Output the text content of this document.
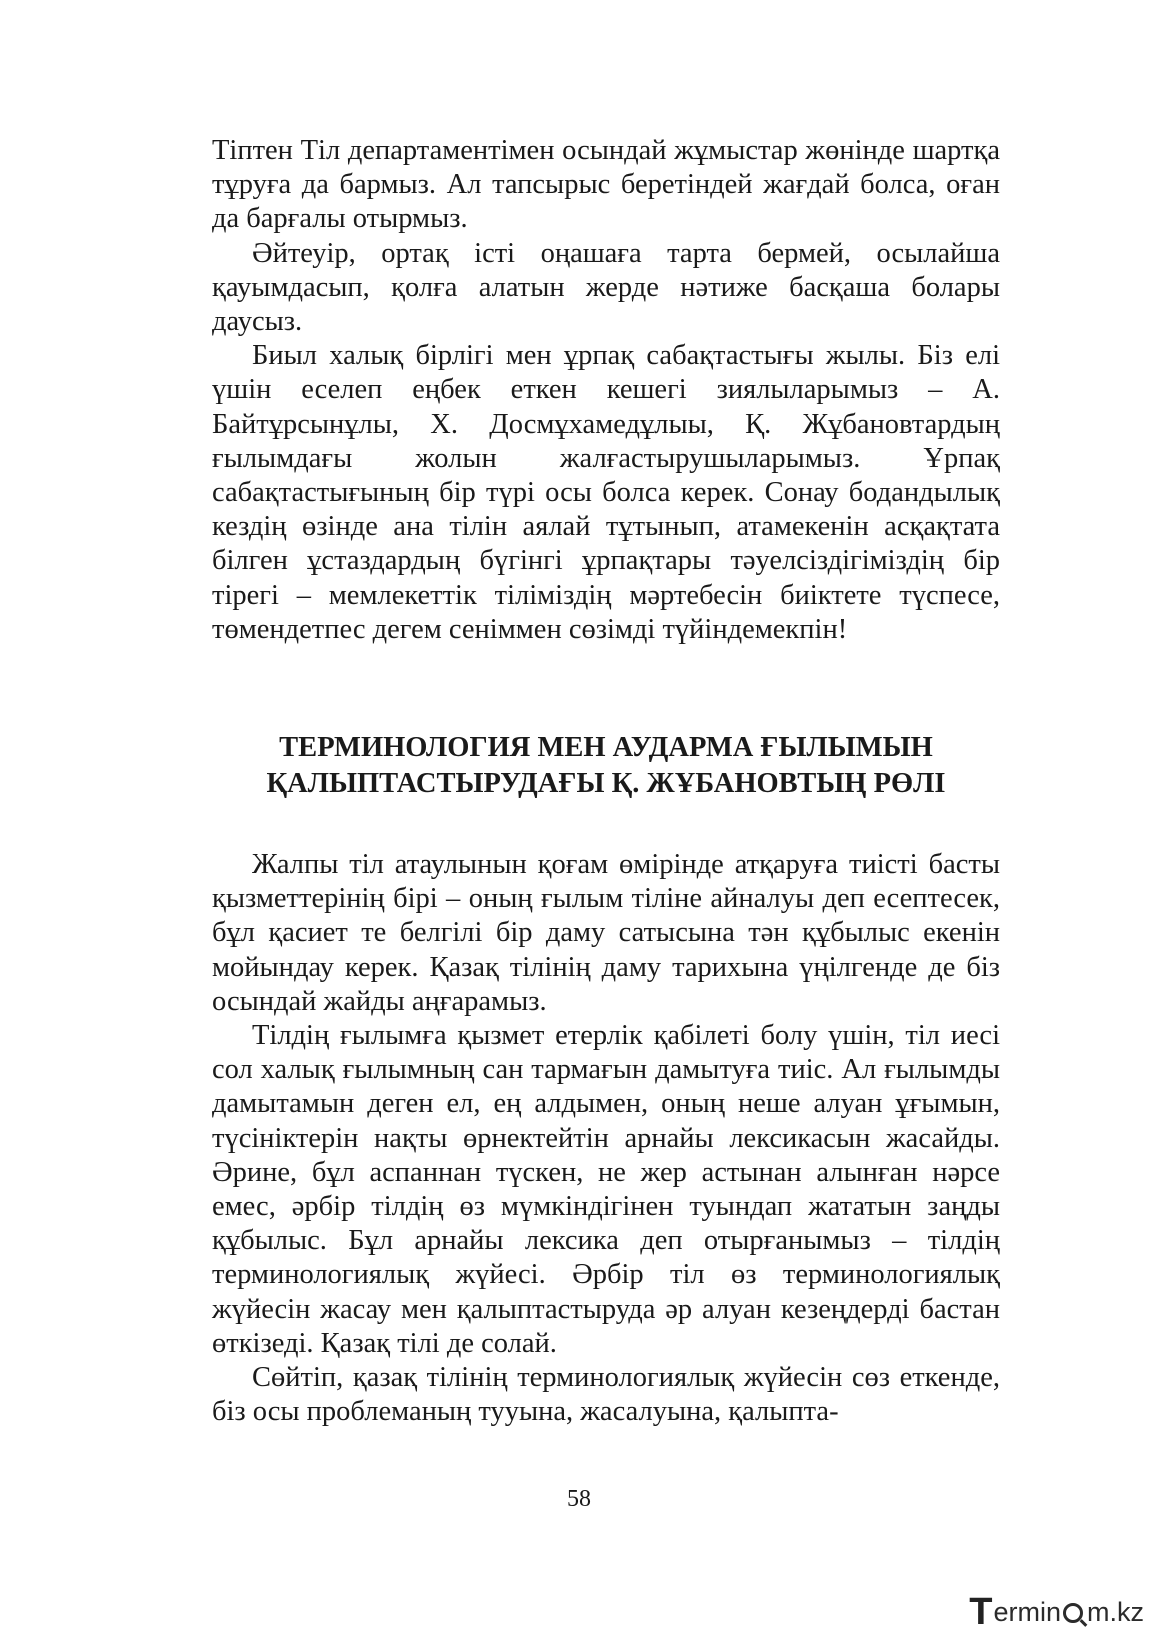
Тіптен Тіл департаментімен осындай жұмыстар жөнінде шартқа тұруға да бармыз. Ал тапсырыс беретіндей жағдай болса, оған да барғалы отырмыз.

Әйтеуір, ортақ істі оңашаға тарта бермей, осылайша қауымдасып, қолға алатын жерде нәтиже басқаша болары даусыз.

Биыл халық бірлігі мен ұрпақ сабақтастығы жылы. Біз елі үшін еселеп еңбек еткен кешегі зиялыларымыз – А. Байтұрсынұлы, Х. Досмұхамедұлыы, Қ. Жұбановтардың ғылымдағы жолын жалғастырушыларымыз. Ұрпақ сабақтастығының бір түрі осы болса керек. Сонау бодандылық кездің өзінде ана тілін аялай тұтынып, атамекенін асқақтата білген ұстаздардың бүгінгі ұрпақтары тәуелсіздігіміздің бір тірегі – мемлекеттік тіліміздің мәртебесін биіктете түспесе, төмендетпес дегем сеніммен сөзімді түйіндемекпін!

ТЕРМИНОЛОГИЯ МЕН АУДАРМА ҒЫЛЫМЫН
ҚАЛЫПТАСТЫРУДАҒЫ Қ. ЖҰБАНОВТЫҢ РӨЛІ

Жалпы тіл атаулынын қоғам өмірінде атқаруға тиісті басты қызметтерінің бірі – оның ғылым тіліне айналуы деп есептесек, бұл қасиет те белгілі бір даму сатысына тән құбылыс екенін мойындау керек. Қазақ тілінің даму тарихына үңілгенде де біз осындай жайды аңғарамыз.

Тілдің ғылымға қызмет етерлік қабілеті болу үшін, тіл иесі сол халық ғылымның сан тармағын дамытуға тиіс. Ал ғылымды дамытамын деген ел, ең алдымен, оның неше алуан ұғымын, түсініктерін нақты өрнектейтін арнайы лексикасын жасайды. Әрине, бұл аспаннан түскен, не жер астынан алынған нәрсе емес, әрбір тілдің өз мүмкіндігінен туындап жататын заңды құбылыс. Бұл арнайы лексика деп отырғанымыз – тілдің терминологиялық жүйесі. Әрбір тіл өз терминологиялық жүйесін жасау мен қалыптастыруда әр алуан кезеңдерді бастан өткізеді. Қазақ тілі де солай.

Сөйтіп, қазақ тілінің терминологиялық жүйесін сөз еткенде, біз осы проблеманың тууына, жасалуына, қалыпта-

58
T ermin m.kz
